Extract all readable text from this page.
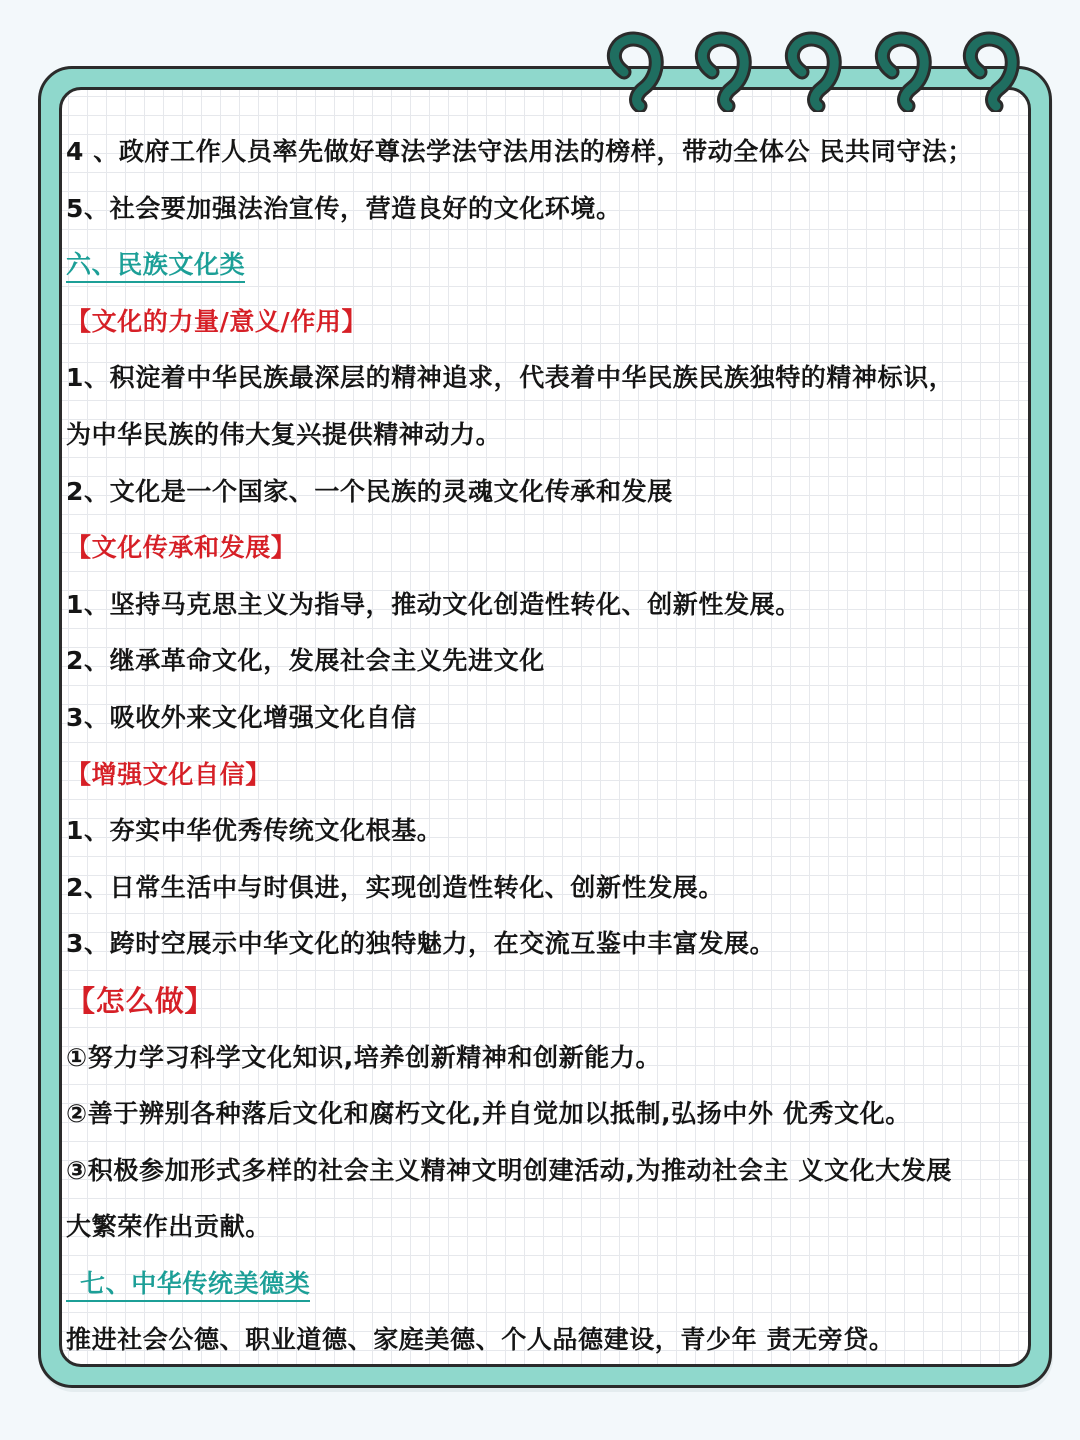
4 、政府工作人员率先做好尊法学法守法用法的榜样，带动全体公 民共同守法；
5、社会要加强法治宣传，营造良好的文化环境。
六、民族文化类
【文化的力量/意义/作用】
1、积淀着中华民族最深层的精神追求，代表着中华民族民族独特的精神标识，
为中华民族的伟大复兴提供精神动力。
2、文化是一个国家、一个民族的灵魂文化传承和发展
【文化传承和发展】
1、坚持马克思主义为指导，推动文化创造性转化、创新性发展。
2、继承革命文化，发展社会主义先进文化
3、吸收外来文化增强文化自信
【增强文化自信】
1、夯实中华优秀传统文化根基。
2、日常生活中与时俱进，实现创造性转化、创新性发展。
3、跨时空展示中华文化的独特魅力，在交流互鉴中丰富发展。
【怎么做】
①努力学习科学文化知识,培养创新精神和创新能力。
②善于辨别各种落后文化和腐朽文化,并自觉加以抵制,弘扬中外 优秀文化。
③积极参加形式多样的社会主义精神文明创建活动,为推动社会主 义文化大发展
大繁荣作出贡献。
七、中华传统美德类
推进社会公德、职业道德、家庭美德、个人品德建设，青少年 责无旁贷。
